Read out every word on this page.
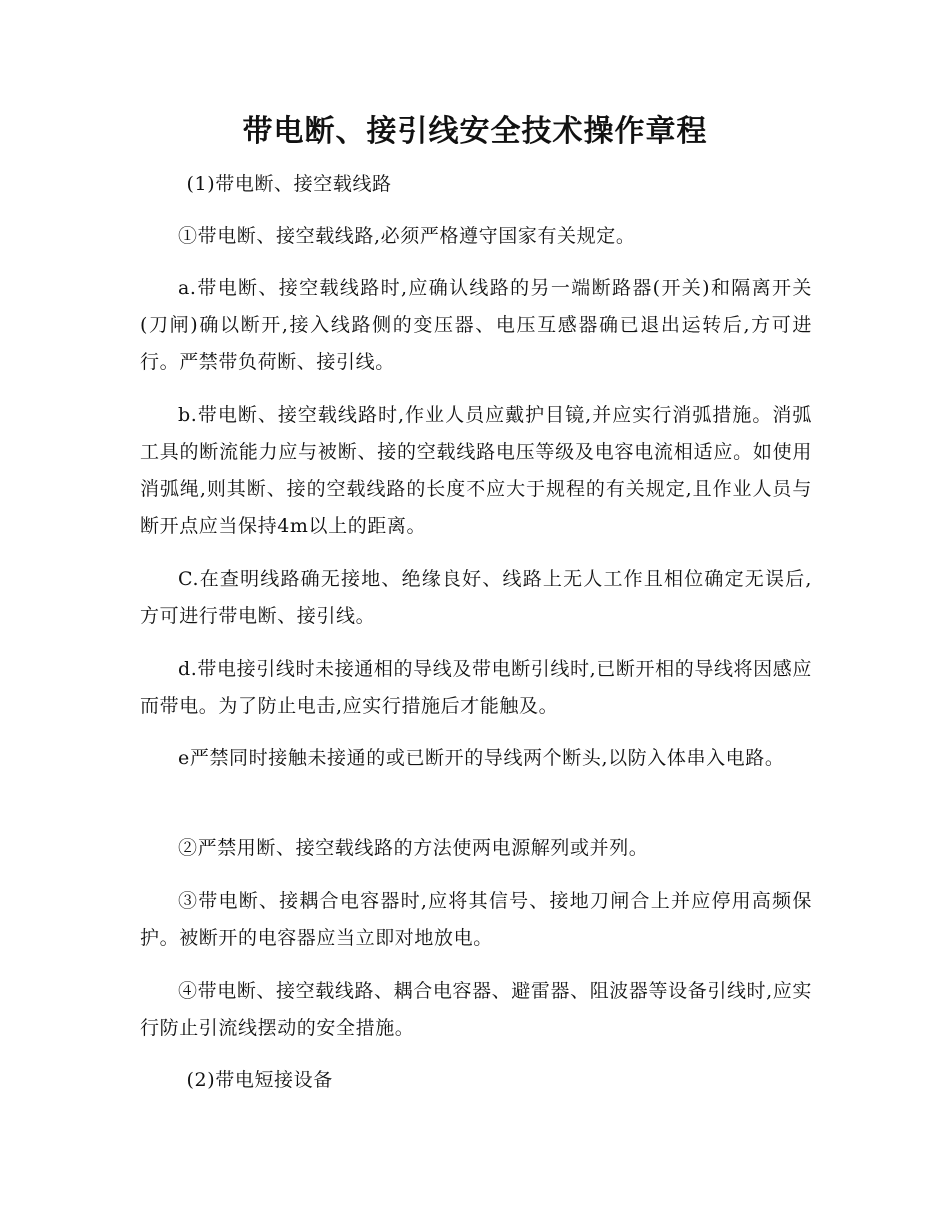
带电断、接引线安全技术操作章程

(1)带电断、接空载线路

①带电断、接空载线路,必须严格遵守国家有关规定。

a.带电断、接空载线路时,应确认线路的另一端断路器(开关)和隔离开关(刀闸)确以断开,接入线路侧的变压器、电压互感器确已退出运转后,方可进行。严禁带负荷断、接引线。

b.带电断、接空载线路时,作业人员应戴护目镜,并应实行消弧措施。消弧工具的断流能力应与被断、接的空载线路电压等级及电容电流相适应。如使用消弧绳,则其断、接的空载线路的长度不应大于规程的有关规定,且作业人员与断开点应当保持4m以上的距离。

C.在查明线路确无接地、绝缘良好、线路上无人工作且相位确定无误后,方可进行带电断、接引线。

d.带电接引线时未接通相的导线及带电断引线时,已断开相的导线将因感应而带电。为了防止电击,应实行措施后才能触及。

e严禁同时接触未接通的或已断开的导线两个断头,以防入体串入电路。

②严禁用断、接空载线路的方法使两电源解列或并列。

③带电断、接耦合电容器时,应将其信号、接地刀闸合上并应停用高频保护。被断开的电容器应当立即对地放电。

④带电断、接空载线路、耦合电容器、避雷器、阻波器等设备引线时,应实行防止引流线摆动的安全措施。

(2)带电短接设备
